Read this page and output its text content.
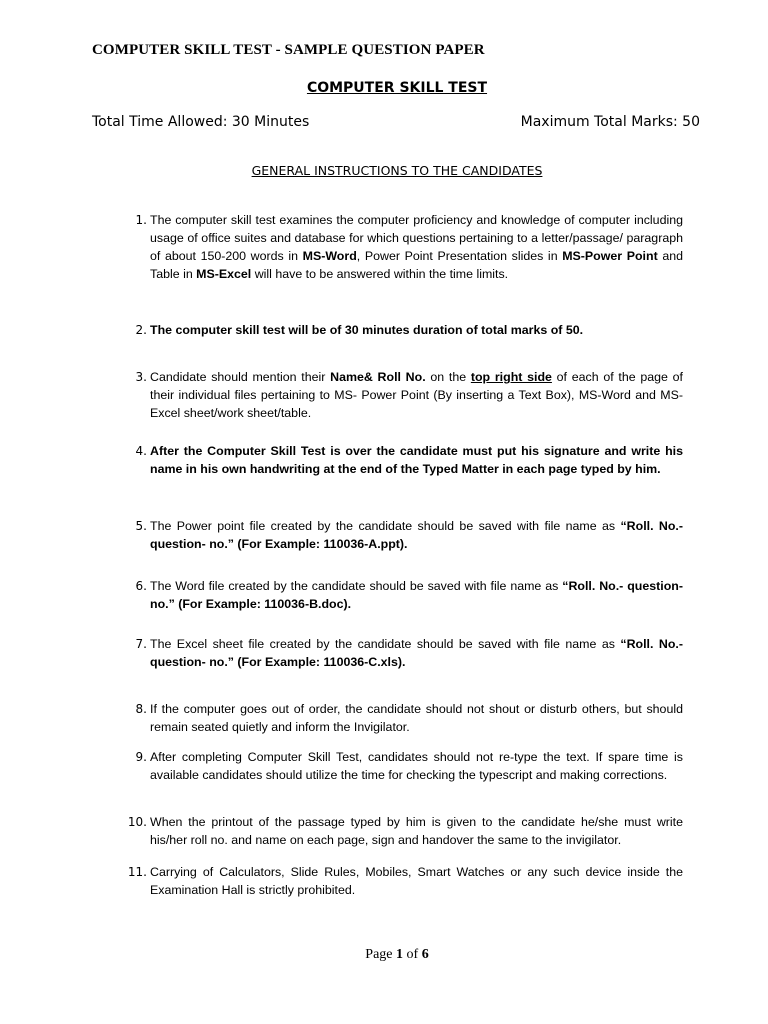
COMPUTER SKILL TEST - SAMPLE QUESTION PAPER
COMPUTER SKILL TEST
Total Time Allowed: 30 Minutes	Maximum Total Marks: 50
GENERAL INSTRUCTIONS TO THE CANDIDATES
1. The computer skill test examines the computer proficiency and knowledge of computer including usage of office suites and database for which questions pertaining to a letter/passage/ paragraph of about 150-200 words in MS-Word, Power Point Presentation slides in MS-Power Point and Table in MS-Excel will have to be answered within the time limits.
2. The computer skill test will be of 30 minutes duration of total marks of 50.
3. Candidate should mention their Name& Roll No. on the top right side of each of the page of their individual files pertaining to MS- Power Point (By inserting a Text Box), MS-Word and MS- Excel sheet/work sheet/table.
4. After the Computer Skill Test is over the candidate must put his signature and write his name in his own handwriting at the end of the Typed Matter in each page typed by him.
5. The Power point file created by the candidate should be saved with file name as “Roll. No.-question- no.” (For Example: 110036-A.ppt).
6. The Word file created by the candidate should be saved with file name as “Roll. No.- question- no.” (For Example: 110036-B.doc).
7. The Excel sheet file created by the candidate should be saved with file name as “Roll. No.- question- no.” (For Example: 110036-C.xls).
8. If the computer goes out of order, the candidate should not shout or disturb others, but should remain seated quietly and inform the Invigilator.
9. After completing Computer Skill Test, candidates should not re-type the text. If spare time is available candidates should utilize the time for checking the typescript and making corrections.
10. When the printout of the passage typed by him is given to the candidate he/she must write his/her roll no. and name on each page, sign and handover the same to the invigilator.
11. Carrying of Calculators, Slide Rules, Mobiles, Smart Watches or any such device inside the Examination Hall is strictly prohibited.
Page 1 of 6
